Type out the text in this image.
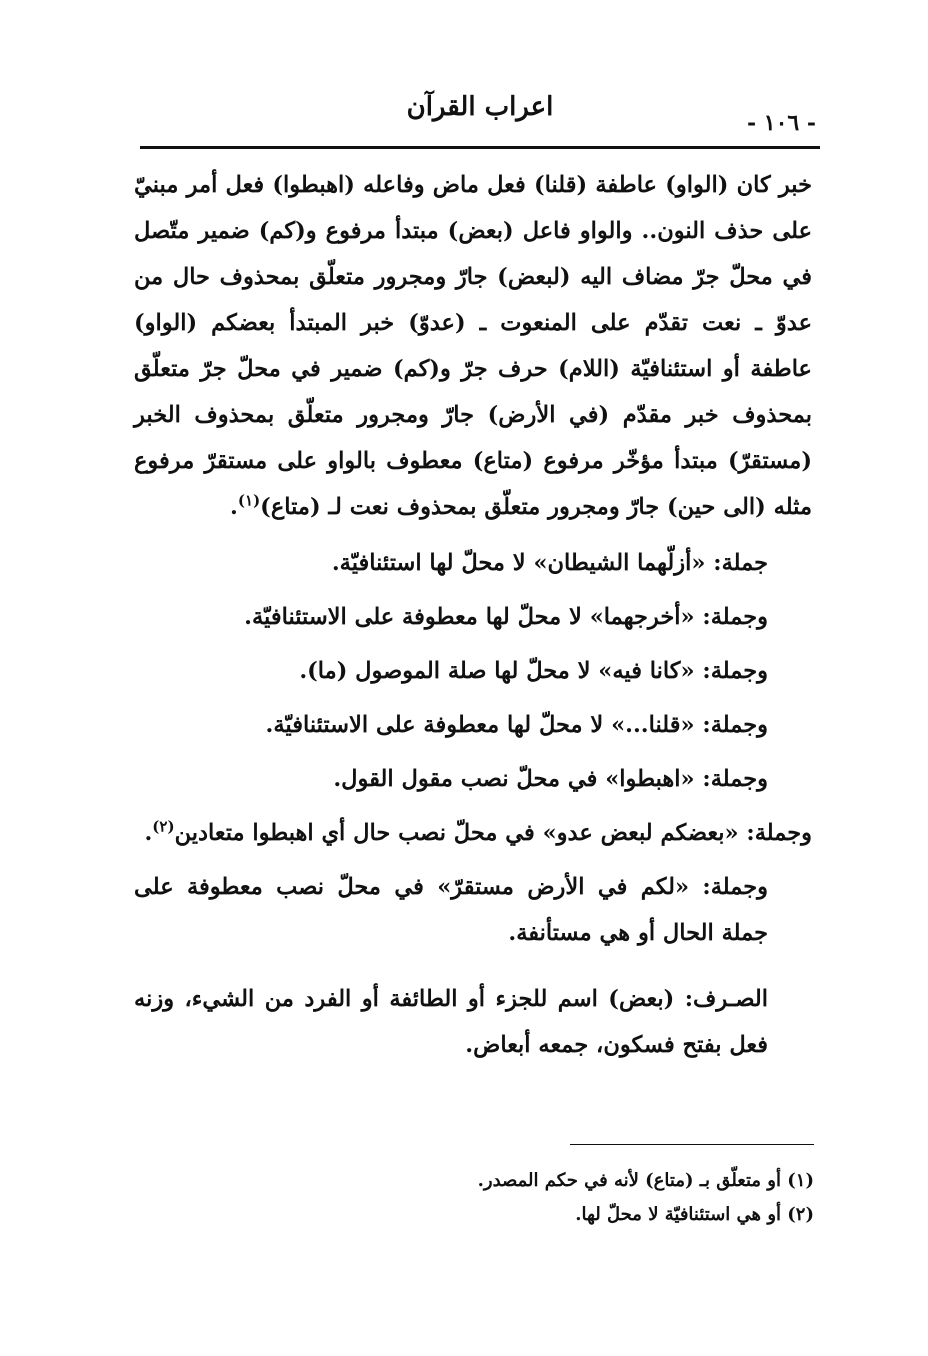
اعراب القرآن
- ١٠٦ -

خبر كان (الواو) عاطفة (قلنا) فعل ماض وفاعله (اهبطوا) فعل أمر مبنيّ على حذف النون.. والواو فاعل (بعض) مبتدأ مرفوع و(كم) ضمير متّصل في محلّ جرّ مضاف اليه (لبعض) جارّ ومجرور متعلّق بمحذوف حال من عدوّ ـ نعت تقدّم على المنعوت ـ (عدوّ) خبر المبتدأ بعضكم (الواو) عاطفة أو استئنافيّة (اللام) حرف جرّ و(كم) ضمير في محلّ جرّ متعلّق بمحذوف خبر مقدّم (في الأرض) جارّ ومجرور متعلّق بمحذوف الخبر (مستقرّ) مبتدأ مؤخّر مرفوع (متاع) معطوف بالواو على مستقرّ مرفوع مثله (الى حين) جارّ ومجرور متعلّق بمحذوف نعت لـ (متاع)$^{(١)}$.

جملة: «أزلّهما الشيطان» لا محلّ لها استئنافيّة.

وجملة: «أخرجهما» لا محلّ لها معطوفة على الاستئنافيّة.

وجملة: «كانا فيه» لا محلّ لها صلة الموصول (ما).

وجملة: «قلنا...» لا محلّ لها معطوفة على الاستئنافيّة.

وجملة: «اهبطوا» في محلّ نصب مقول القول.

وجملة: «بعضكم لبعض عدو» في محلّ نصب حال أي اهبطوا متعادين$^{(٢)}$.

وجملة: «لكم في الأرض مستقرّ» في محلّ نصب معطوفة على جملة الحال أو هي مستأنفة.

الصـرف: (بعض) اسم للجزء أو الطائفة أو الفرد من الشيء، وزنه فعل بفتح فسكون، جمعه أبعاض.

(١) أو متعلّق بـ (متاع) لأنه في حكم المصدر.

(٢) أو هي استئنافيّة لا محلّ لها.
